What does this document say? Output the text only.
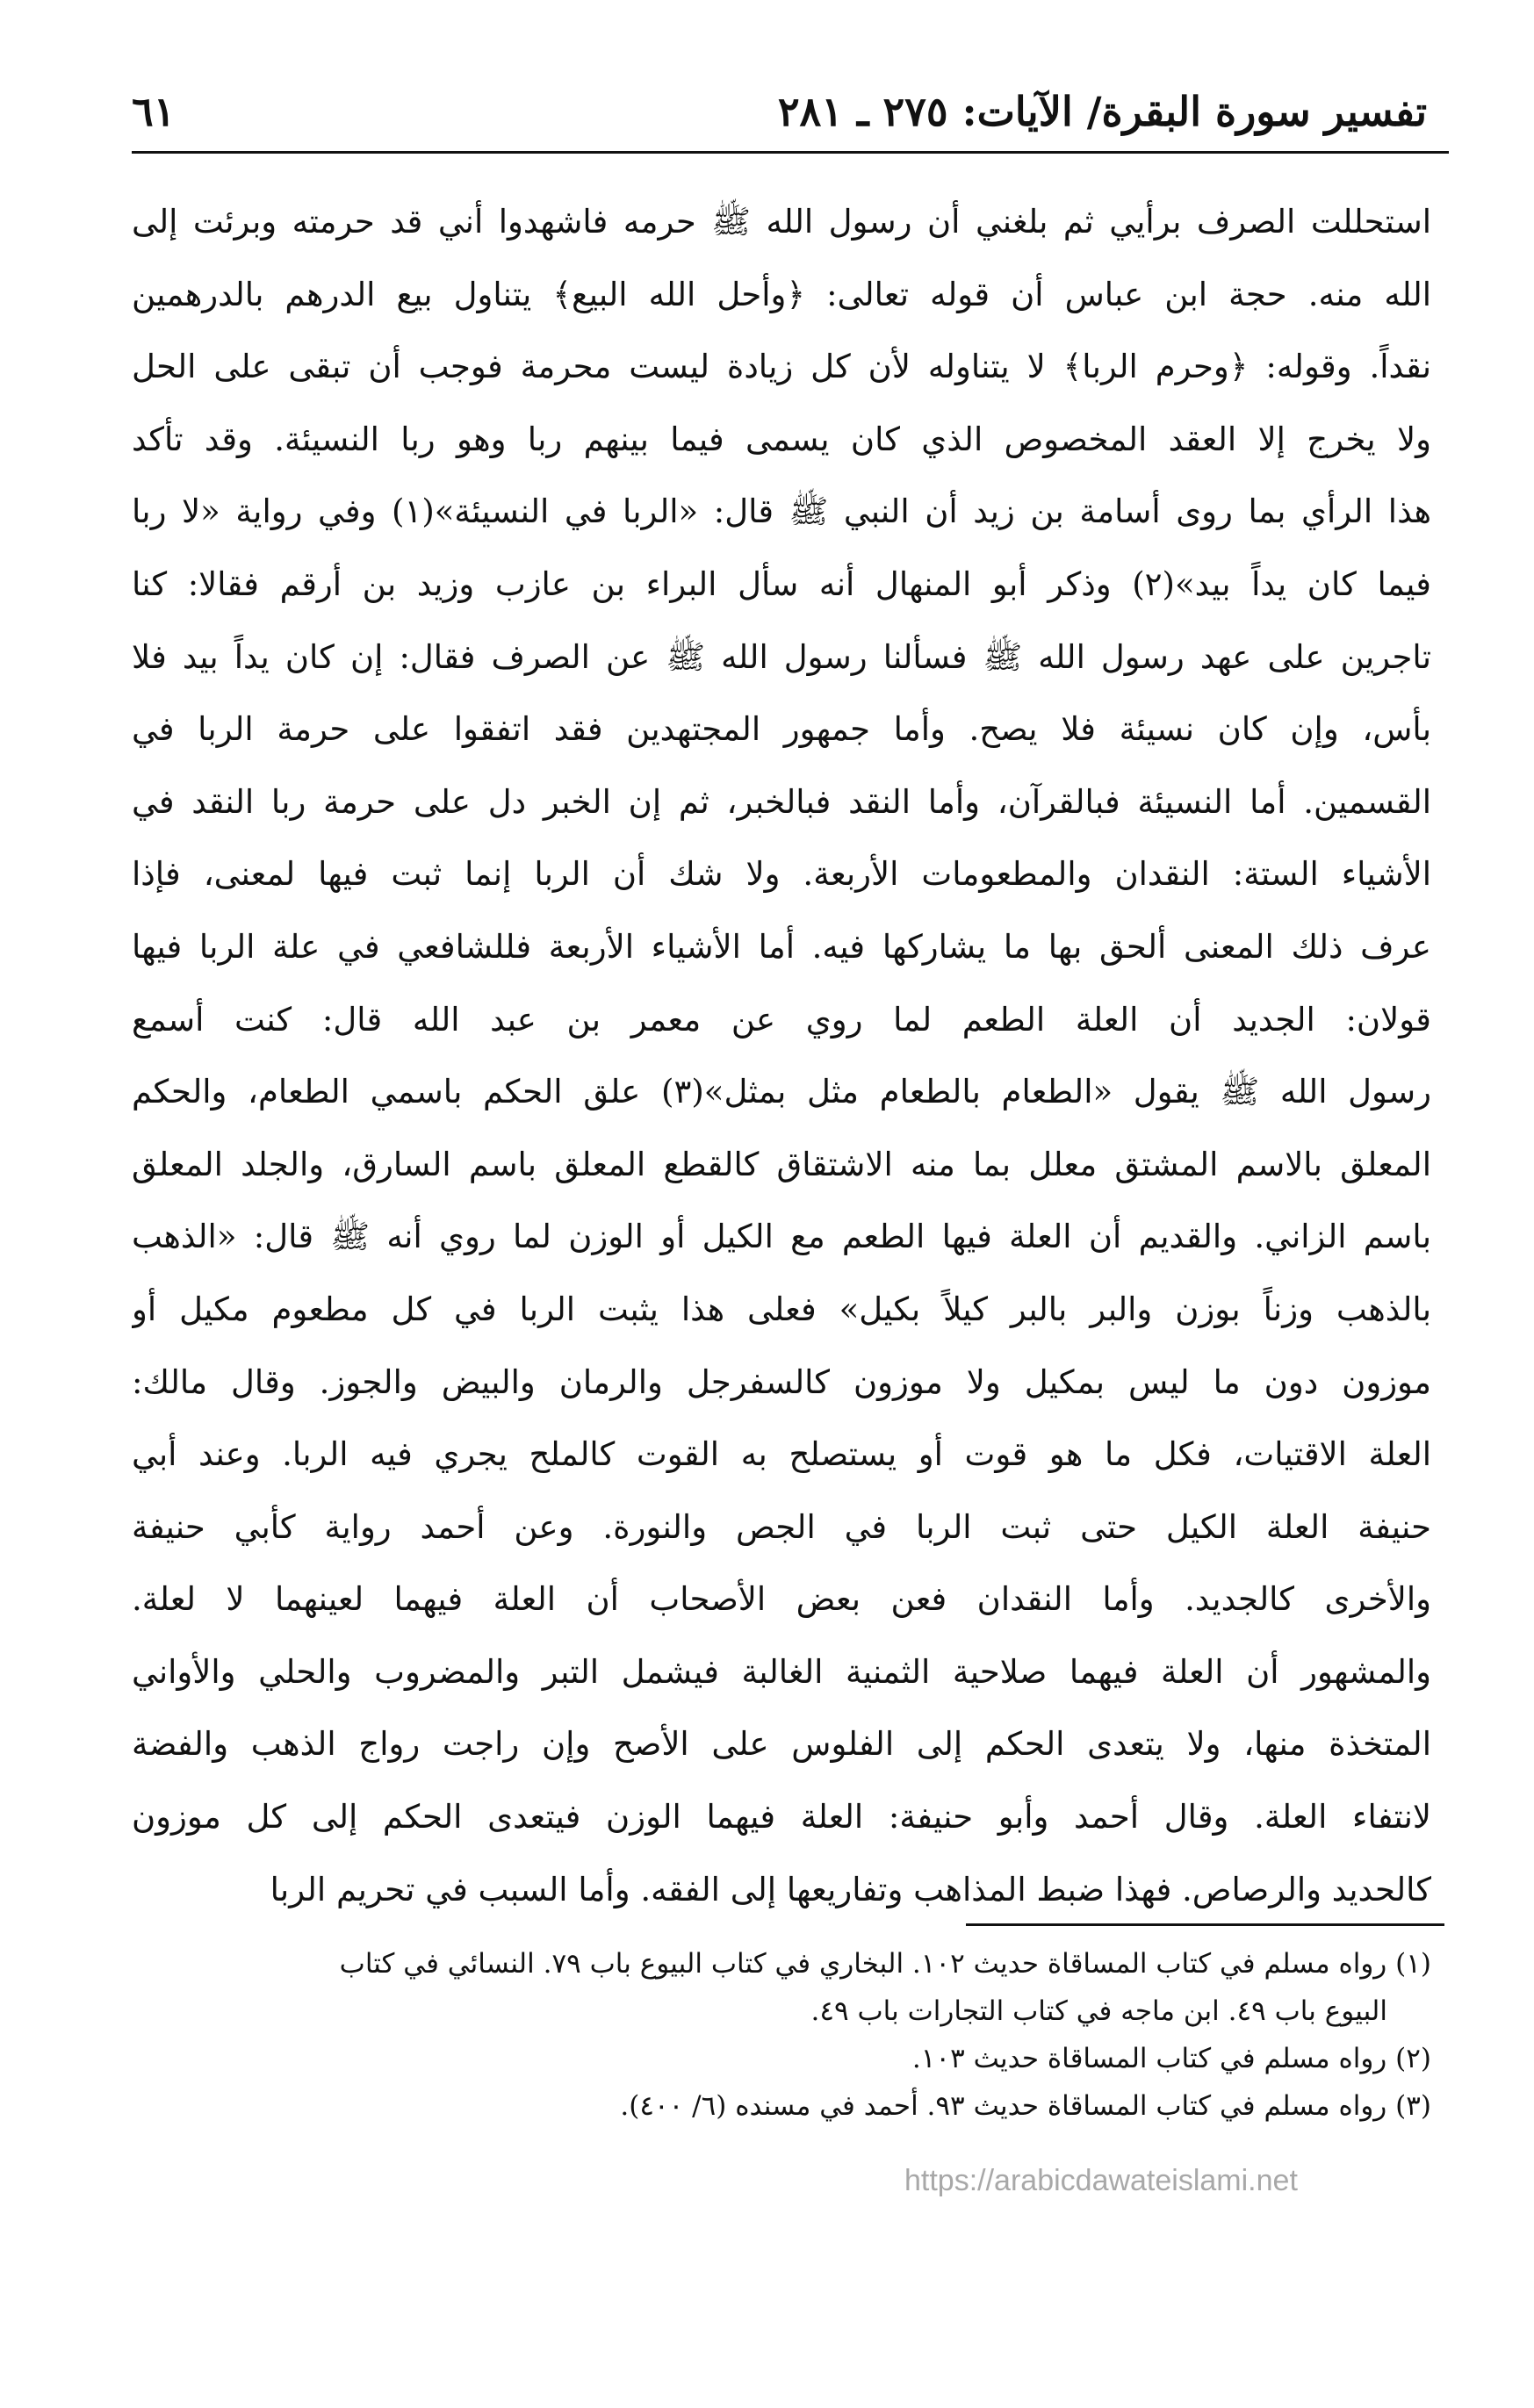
تفسير سورة البقرة/ الآيات: ٢٧٥ ـ ٢٨١
٦١
استحللت الصرف برأيي ثم بلغني أن رسول الله ﷺ حرمه فاشهدوا أني قد حرمته وبرئت إلى
الله منه. حجة ابن عباس أن قوله تعالى: ﴿وأحل الله البيع﴾ يتناول بيع الدرهم بالدرهمين
نقداً. وقوله: ﴿وحرم الربا﴾ لا يتناوله لأن كل زيادة ليست محرمة فوجب أن تبقى على الحل
ولا يخرج إلا العقد المخصوص الذي كان يسمى فيما بينهم ربا وهو ربا النسيئة. وقد تأكد
هذا الرأي بما روى أسامة بن زيد أن النبي ﷺ قال: «الربا في النسيئة»(١) وفي رواية «لا ربا
فيما كان يداً بيد»(٢) وذكر أبو المنهال أنه سأل البراء بن عازب وزيد بن أرقم فقالا: كنا
تاجرين على عهد رسول الله ﷺ فسألنا رسول الله ﷺ عن الصرف فقال: إن كان يداً بيد فلا
بأس، وإن كان نسيئة فلا يصح. وأما جمهور المجتهدين فقد اتفقوا على حرمة الربا في
القسمين. أما النسيئة فبالقرآن، وأما النقد فبالخبر، ثم إن الخبر دل على حرمة ربا النقد في
الأشياء الستة: النقدان والمطعومات الأربعة. ولا شك أن الربا إنما ثبت فيها لمعنى، فإذا
عرف ذلك المعنى ألحق بها ما يشاركها فيه. أما الأشياء الأربعة فللشافعي في علة الربا فيها
قولان: الجديد أن العلة الطعم لما روي عن معمر بن عبد الله قال: كنت أسمع
رسول الله ﷺ يقول «الطعام بالطعام مثل بمثل»(٣) علق الحكم باسمي الطعام، والحكم
المعلق بالاسم المشتق معلل بما منه الاشتقاق كالقطع المعلق باسم السارق، والجلد المعلق
باسم الزاني. والقديم أن العلة فيها الطعم مع الكيل أو الوزن لما روي أنه ﷺ قال: «الذهب
بالذهب وزناً بوزن والبر بالبر كيلاً بكيل» فعلى هذا يثبت الربا في كل مطعوم مكيل أو
موزون دون ما ليس بمكيل ولا موزون كالسفرجل والرمان والبيض والجوز. وقال مالك:
العلة الاقتيات، فكل ما هو قوت أو يستصلح به القوت كالملح يجري فيه الربا. وعند أبي
حنيفة العلة الكيل حتى ثبت الربا في الجص والنورة. وعن أحمد رواية كأبي حنيفة
والأخرى كالجديد. وأما النقدان فعن بعض الأصحاب أن العلة فيهما لعينهما لا لعلة.
والمشهور أن العلة فيهما صلاحية الثمنية الغالبة فيشمل التبر والمضروب والحلي والأواني
المتخذة منها، ولا يتعدى الحكم إلى الفلوس على الأصح وإن راجت رواج الذهب والفضة
لانتفاء العلة. وقال أحمد وأبو حنيفة: العلة فيهما الوزن فيتعدى الحكم إلى كل موزون
كالحديد والرصاص. فهذا ضبط المذاهب وتفاريعها إلى الفقه. وأما السبب في تحريم الربا
(١) رواه مسلم في كتاب المساقاة حديث ١٠٢. البخاري في كتاب البيوع باب ٧٩. النسائي في كتاب
البيوع باب ٤٩. ابن ماجه في كتاب التجارات باب ٤٩.
(٢) رواه مسلم في كتاب المساقاة حديث ١٠٣.
(٣) رواه مسلم في كتاب المساقاة حديث ٩٣. أحمد في مسنده (٦/ ٤٠٠).
https://arabicdawateislami.net
